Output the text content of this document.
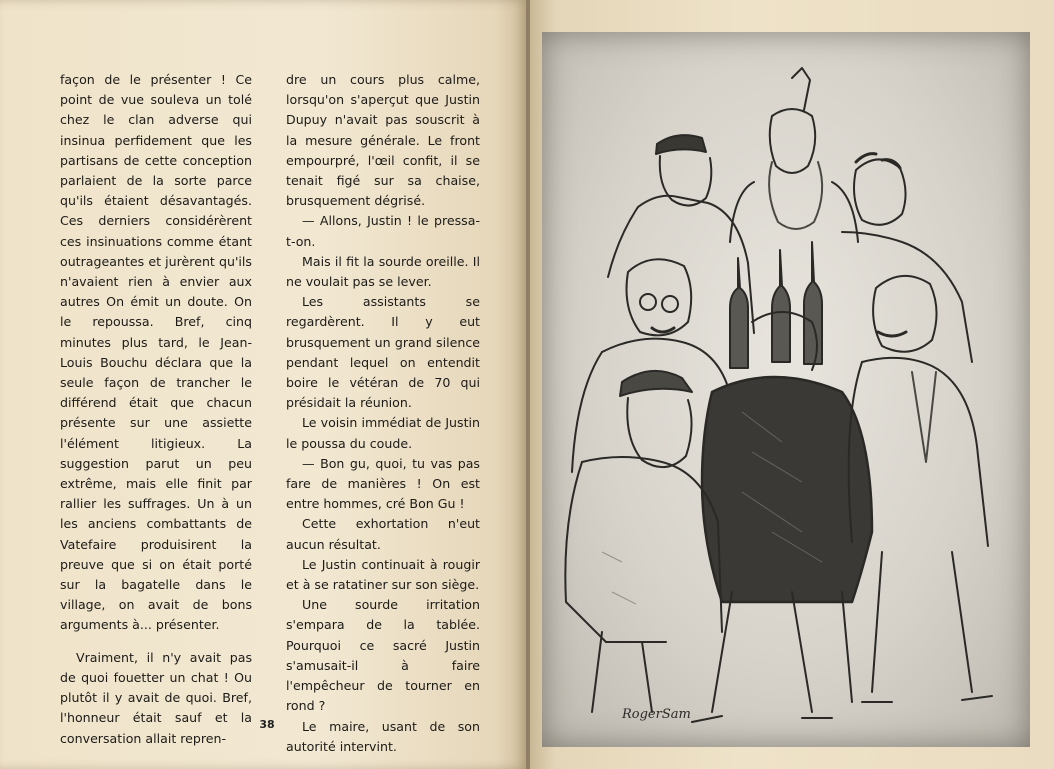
façon de le présenter ! Ce point de vue souleva un tolé chez le clan adverse qui insinua perfidement que les partisans de cette conception parlaient de la sorte parce qu'ils étaient désavantagés. Ces derniers considérèrent ces insinuations comme étant outrageantes et jurèrent qu'ils n'avaient rien à envier aux autres On émit un doute. On le repoussa. Bref, cinq minutes plus tard, le Jean-Louis Bouchu déclara que la seule façon de trancher le différend était que chacun présente sur une assiette l'élément litigieux. La suggestion parut un peu extrême, mais elle finit par rallier les suffrages. Un à un les anciens combattants de Vatefaire produisirent la preuve que si on était porté sur la bagatelle dans le village, on avait de bons arguments à... présenter.

Vraiment, il n'y avait pas de quoi fouetter un chat ! Ou plutôt il y avait de quoi. Bref, l'honneur était sauf et la conversation allait repren-

dre un cours plus calme, lorsqu'on s'aperçut que Justin Dupuy n'avait pas souscrit à la mesure générale. Le front empourpré, l'œil confit, il se tenait figé sur sa chaise, brusquement dégrisé.

— Allons, Justin ! le pressa-t-on.

Mais il fit la sourde oreille. Il ne voulait pas se lever.

Les assistants se regardèrent. Il y eut brusquement un grand silence pendant lequel on entendit boire le vétéran de 70 qui présidait la réunion.

Le voisin immédiat de Justin le poussa du coude.

— Bon gu, quoi, tu vas pas fare de manières ! On est entre hommes, cré Bon Gu !

Cette exhortation n'eut aucun résultat.

Le Justin continuait à rougir et à se ratatiner sur son siège.

Une sourde irritation s'empara de la tablée. Pourquoi ce sacré Justin s'amusait-il à faire l'empêcheur de tourner en rond ?

Le maire, usant de son autorité intervint.

38
RogerSam
